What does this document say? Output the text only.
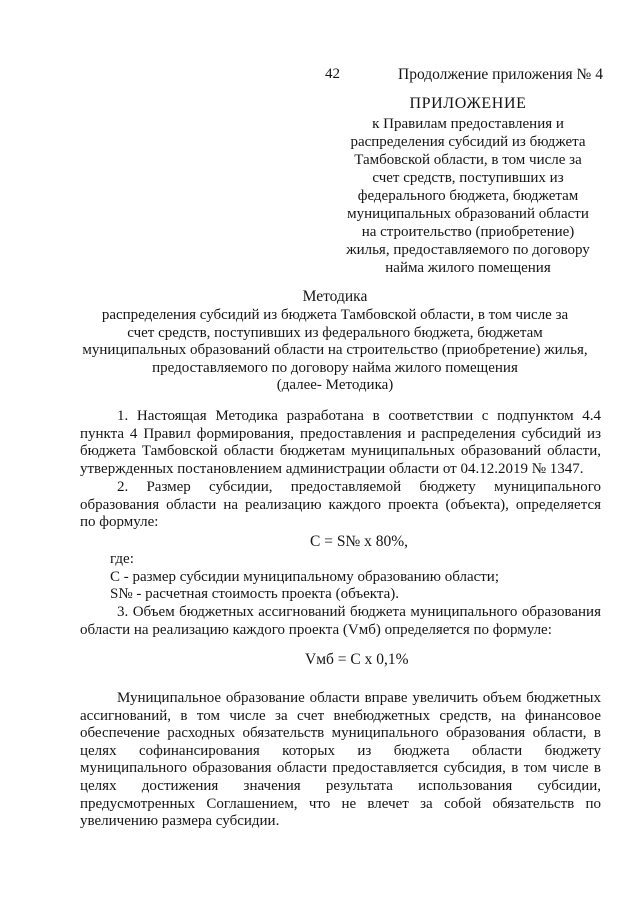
42	Продолжение приложения № 4
ПРИЛОЖЕНИЕ
к Правилам предоставления и
распределения субсидий из бюджета
Тамбовской области, в том числе за
счет средств, поступивших из
федерального бюджета, бюджетам
муниципальных образований области
на строительство (приобретение)
жилья, предоставляемого по договору
найма жилого помещения
Методика
распределения субсидий из бюджета Тамбовской области, в том числе за
счет средств, поступивших из федерального бюджета, бюджетам
муниципальных образований области на строительство (приобретение) жилья,
предоставляемого по договору найма жилого помещения
(далее- Методика)
1. Настоящая Методика разработана в соответствии с подпунктом 4.4
пункта 4 Правил формирования, предоставления и распределения субсидий из
бюджета Тамбовской области бюджетам муниципальных образований области,
утвержденных постановлением администрации области от 04.12.2019 № 1347.
2. Размер субсидии, предоставляемой бюджету муниципального
образования области на реализацию каждого проекта (объекта), определяется
по формуле:
С = S№ х 80%,
где:
С - размер субсидии муниципальному образованию области;
S№ - расчетная стоимость проекта (объекта).
3. Объем бюджетных ассигнований бюджета муниципального образования
области на реализацию каждого проекта (Vмб) определяется по формуле:
Vмб = С х 0,1%
Муниципальное образование области вправе увеличить объем бюджетных
ассигнований, в том числе за счет внебюджетных средств, на финансовое
обеспечение расходных обязательств муниципального образования области, в
целях софинансирования которых из бюджета области бюджету
муниципального образования области предоставляется субсидия, в том числе в
целях достижения значения результата использования субсидии,
предусмотренных Соглашением, что не влечет за собой обязательств по
увеличению размера субсидии.
